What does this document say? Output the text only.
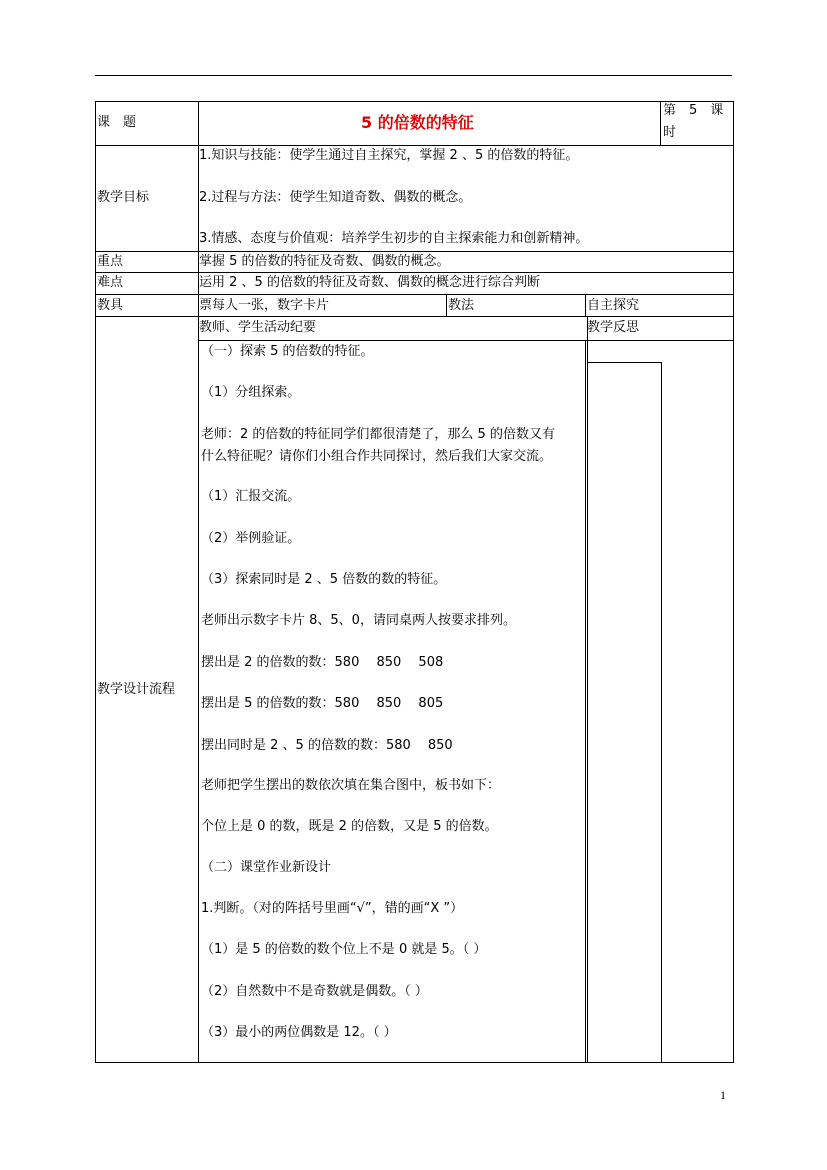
课　题	5 的倍数的特征
第　5　课
时
教学目标
1.知识与技能：使学生通过自主探究，掌握 2 、5 的倍数的特征。
2.过程与方法：使学生知道奇数、偶数的概念。
3.情感、态度与价值观：培养学生初步的自主探索能力和创新精神。
重点	掌握 5 的倍数的特征及奇数、偶数的概念。
难点	运用 2 、5 的倍数的特征及奇数、偶数的概念进行综合判断
教具	票每人一张，数字卡片	教法	自主探究
教学设计流程
教师、学生活动纪要	教学反思
（一）探索 5 的倍数的特征。
（1）分组探索。
老师：2 的倍数的特征同学们都很清楚了，那么 5 的倍数又有
什么特征呢？请你们小组合作共同探讨，然后我们大家交流。
（1）汇报交流。
（2）举例验证。
（3）探索同时是 2 、5 倍数的数的特征。
老师出示数字卡片 8、5、0，请同桌两人按要求排列。
摆出是 2 的倍数的数：580　 850　 508
摆出是 5 的倍数的数：580　 850　 805
摆出同时是 2 、5 的倍数的数：580　 850
老师把学生摆出的数依次填在集合图中，板书如下：
个位上是 0 的数，既是 2 的倍数，又是 5 的倍数。
（二）课堂作业新设计
1.判断。（对的阵括号里画“√”，错的画“X ”）
（1）是 5 的倍数的数个位上不是 0 就是 5。（ ）
（2）自然数中不是奇数就是偶数。（ ）
（3）最小的两位偶数是 12。（ ）
1
